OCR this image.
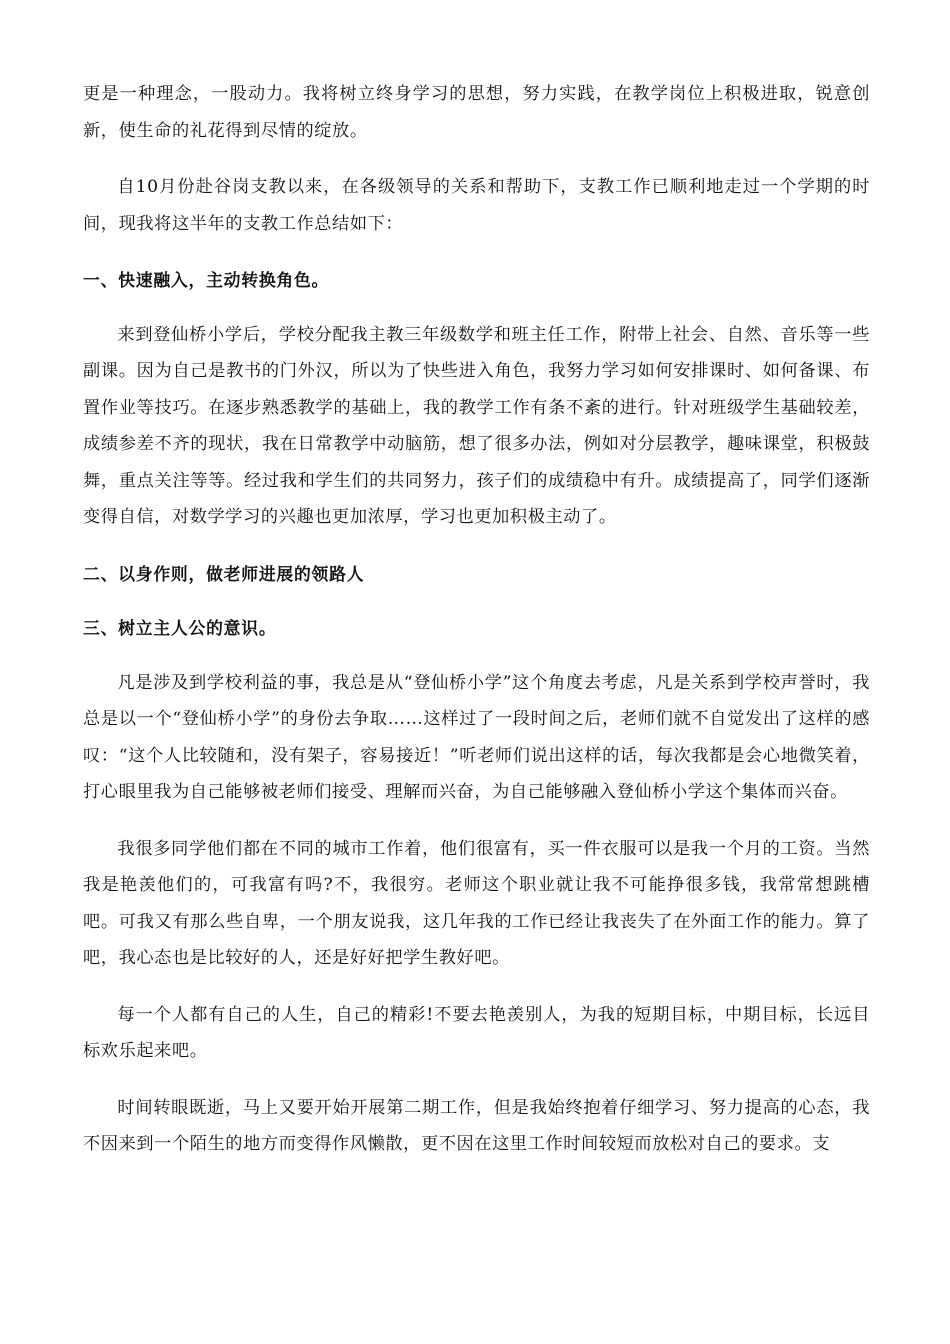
更是一种理念，一股动力。我将树立终身学习的思想，努力实践，在教学岗位上积极进取，锐意创新，使生命的礼花得到尽情的绽放。

自10月份赴谷岗支教以来，在各级领导的关系和帮助下，支教工作已顺利地走过一个学期的时间，现我将这半年的支教工作总结如下：

一、快速融入，主动转换角色。

来到登仙桥小学后，学校分配我主教三年级数学和班主任工作，附带上社会、自然、音乐等一些副课。因为自己是教书的门外汉，所以为了快些进入角色，我努力学习如何安排课时、如何备课、布置作业等技巧。在逐步熟悉教学的基础上，我的教学工作有条不紊的进行。针对班级学生基础较差，成绩参差不齐的现状，我在日常教学中动脑筋，想了很多办法，例如对分层教学，趣味课堂，积极鼓舞，重点关注等等。经过我和学生们的共同努力，孩子们的成绩稳中有升。成绩提高了，同学们逐渐变得自信，对数学学习的兴趣也更加浓厚，学习也更加积极主动了。

二、以身作则，做老师进展的领路人

三、树立主人公的意识。

凡是涉及到学校利益的事，我总是从“登仙桥小学”这个角度去考虑，凡是关系到学校声誉时，我总是以一个“登仙桥小学”的身份去争取……这样过了一段时间之后，老师们就不自觉发出了这样的感叹：“这个人比较随和，没有架子，容易接近！”听老师们说出这样的话，每次我都是会心地微笑着，打心眼里我为自己能够被老师们接受、理解而兴奋，为自己能够融入登仙桥小学这个集体而兴奋。

我很多同学他们都在不同的城市工作着，他们很富有，买一件衣服可以是我一个月的工资。当然我是艳羡他们的，可我富有吗?不，我很穷。老师这个职业就让我不可能挣很多钱，我常常想跳槽吧。可我又有那么些自卑，一个朋友说我，这几年我的工作已经让我丧失了在外面工作的能力。算了吧，我心态也是比较好的人，还是好好把学生教好吧。

每一个人都有自己的人生，自己的精彩!不要去艳羡别人，为我的短期目标，中期目标，长远目标欢乐起来吧。

时间转眼既逝，马上又要开始开展第二期工作，但是我始终抱着仔细学习、努力提高的心态，我不因来到一个陌生的地方而变得作风懒散，更不因在这里工作时间较短而放松对自己的要求。支
